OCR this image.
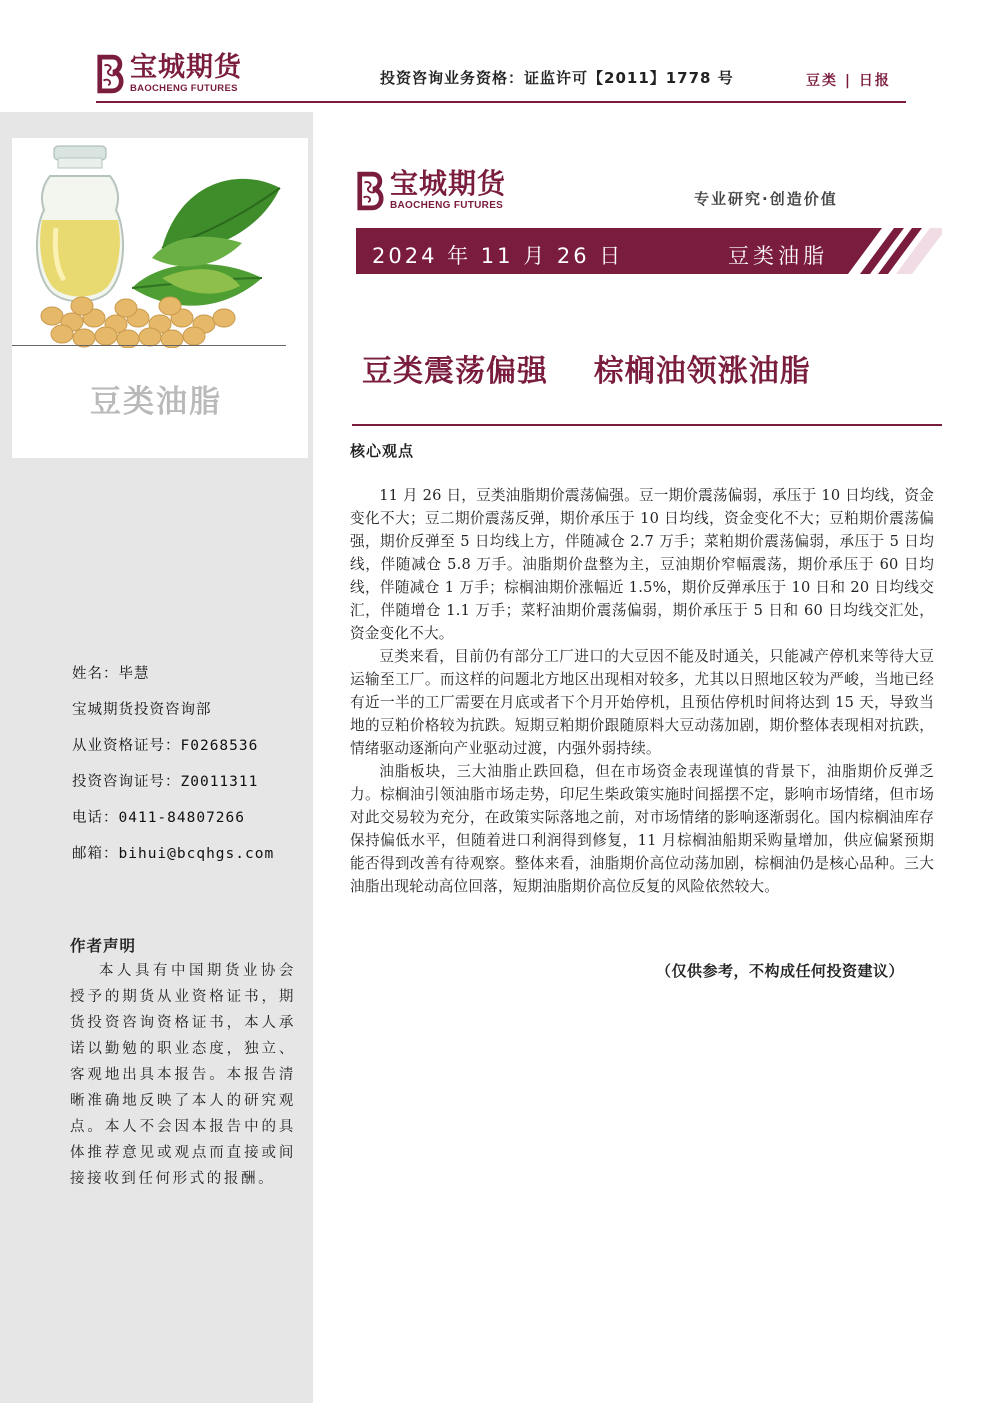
宝城期货
BAOCHENG FUTURES
投资咨询业务资格：证监许可【2011】1778 号	豆类 | 日报
豆类油脂
姓名：毕慧
宝城期货投资咨询部
从业资格证号：F0268536
投资咨询证号：Z0011311
电话：0411-84807266
邮箱：bihui@bcqhgs.com
作者声明
本人具有中国期货业协会授予的期货从业资格证书，期货投资咨询资格证书，本人承诺以勤勉的职业态度，独立、客观地出具本报告。本报告清晰准确地反映了本人的研究观点。本人不会因本报告中的具体推荐意见或观点而直接或间接接收到任何形式的报酬。
宝城期货
BAOCHENG FUTURES	专业研究·创造价值
2024 年 11 月 26 日	豆类油脂
豆类震荡偏强    棕榈油领涨油脂
核心观点

11 月 26 日，豆类油脂期价震荡偏强。豆一期价震荡偏弱，承压于 10 日均线，资金变化不大；豆二期价震荡反弹，期价承压于 10 日均线，资金变化不大；豆粕期价震荡偏强，期价反弹至 5 日均线上方，伴随减仓 2.7 万手；菜粕期价震荡偏弱，承压于 5 日均线，伴随减仓 5.8 万手。油脂期价盘整为主，豆油期价窄幅震荡，期价承压于 60 日均线，伴随减仓 1 万手；棕榈油期价涨幅近 1.5%，期价反弹承压于 10 日和 20 日均线交汇，伴随增仓 1.1 万手；菜籽油期价震荡偏弱，期价承压于 5 日和 60 日均线交汇处，资金变化不大。

豆类来看，目前仍有部分工厂进口的大豆因不能及时通关，只能减产停机来等待大豆运输至工厂。而这样的问题北方地区出现相对较多，尤其以日照地区较为严峻，当地已经有近一半的工厂需要在月底或者下个月开始停机，且预估停机时间将达到 15 天，导致当地的豆粕价格较为抗跌。短期豆粕期价跟随原料大豆动荡加剧，期价整体表现相对抗跌，情绪驱动逐渐向产业驱动过渡，内强外弱持续。

油脂板块，三大油脂止跌回稳，但在市场资金表现谨慎的背景下，油脂期价反弹乏力。棕榈油引领油脂市场走势，印尼生柴政策实施时间摇摆不定，影响市场情绪，但市场对此交易较为充分，在政策实际落地之前，对市场情绪的影响逐渐弱化。国内棕榈油库存保持偏低水平，但随着进口利润得到修复，11 月棕榈油船期采购量增加，供应偏紧预期能否得到改善有待观察。整体来看，油脂期价高位动荡加剧，棕榈油仍是核心品种。三大油脂出现轮动高位回落，短期油脂期价高位反复的风险依然较大。

（仅供参考，不构成任何投资建议）
